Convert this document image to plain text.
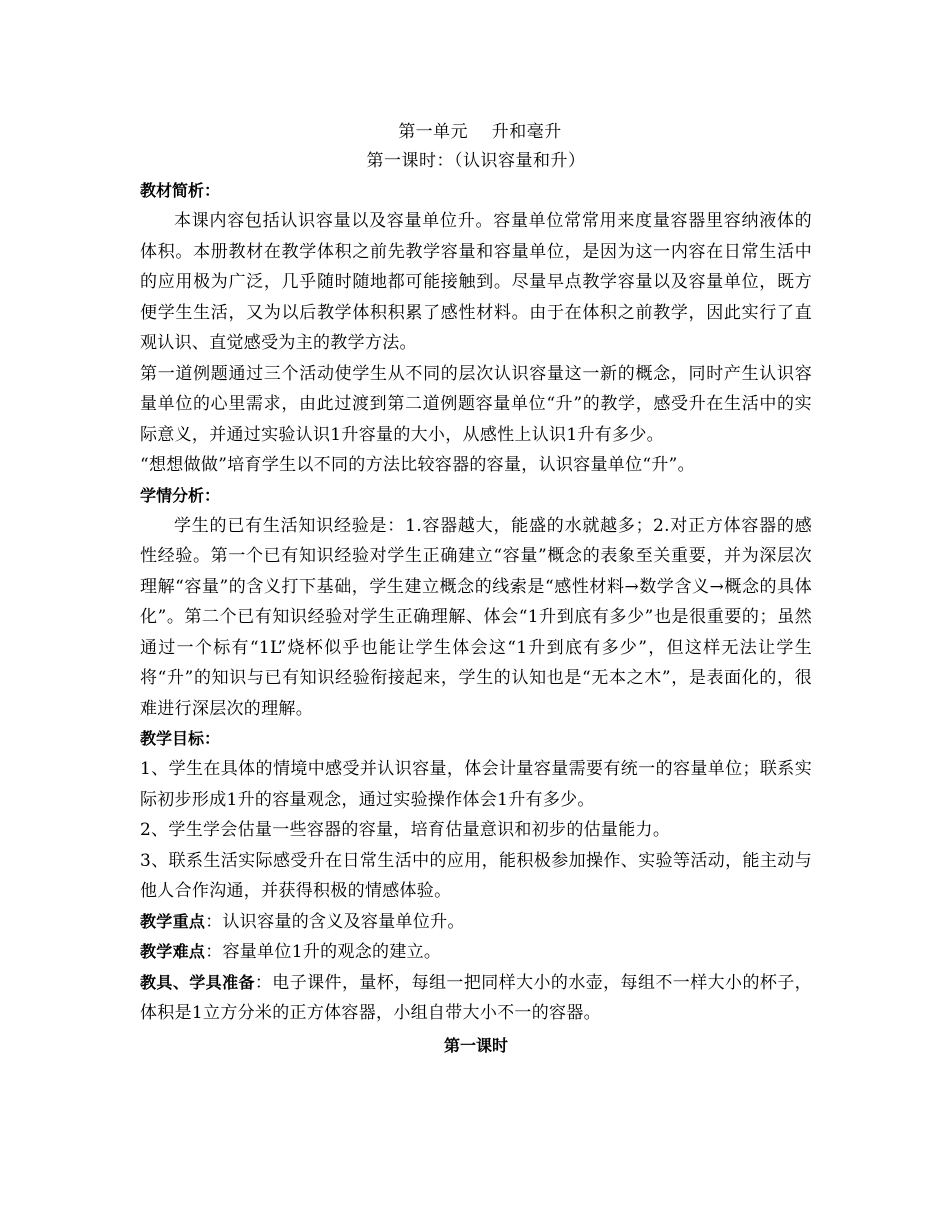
第一单元    升和毫升
第一课时：（认识容量和升）
教材简析：

本课内容包括认识容量以及容量单位升。容量单位常常用来度量容器里容纳液体的体积。本册教材在教学体积之前先教学容量和容量单位，是因为这一内容在日常生活中的应用极为广泛，几乎随时随地都可能接触到。尽量早点教学容量以及容量单位，既方便学生生活，又为以后教学体积积累了感性材料。由于在体积之前教学，因此实行了直观认识、直觉感受为主的教学方法。

第一道例题通过三个活动使学生从不同的层次认识容量这一新的概念，同时产生认识容量单位的心里需求，由此过渡到第二道例题容量单位“升”的教学，感受升在生活中的实际意义，并通过实验认识1升容量的大小，从感性上认识1升有多少。

“想想做做”培育学生以不同的方法比较容器的容量，认识容量单位“升”。

学情分析：

学生的已有生活知识经验是：1.容器越大，能盛的水就越多；2.对正方体容器的感性经验。第一个已有知识经验对学生正确建立“容量”概念的表象至关重要，并为深层次理解“容量”的含义打下基础，学生建立概念的线索是“感性材料→数学含义→概念的具体化”。第二个已有知识经验对学生正确理解、体会“1升到底有多少”也是很重要的；虽然通过一个标有“1L”烧杯似乎也能让学生体会这“1升到底有多少”，但这样无法让学生将“升”的知识与已有知识经验衔接起来，学生的认知也是“无本之木”，是表面化的，很难进行深层次的理解。

教学目标：

1、学生在具体的情境中感受并认识容量，体会计量容量需要有统一的容量单位；联系实际初步形成1升的容量观念，通过实验操作体会1升有多少。

2、学生学会估量一些容器的容量，培育估量意识和初步的估量能力。

3、联系生活实际感受升在日常生活中的应用，能积极参加操作、实验等活动，能主动与他人合作沟通，并获得积极的情感体验。

教学重点：认识容量的含义及容量单位升。

教学难点：容量单位1升的观念的建立。

教具、学具准备：电子课件，量杯，每组一把同样大小的水壶，每组不一样大小的杯子，体积是1立方分米的正方体容器，小组自带大小不一的容器。

第一课时
